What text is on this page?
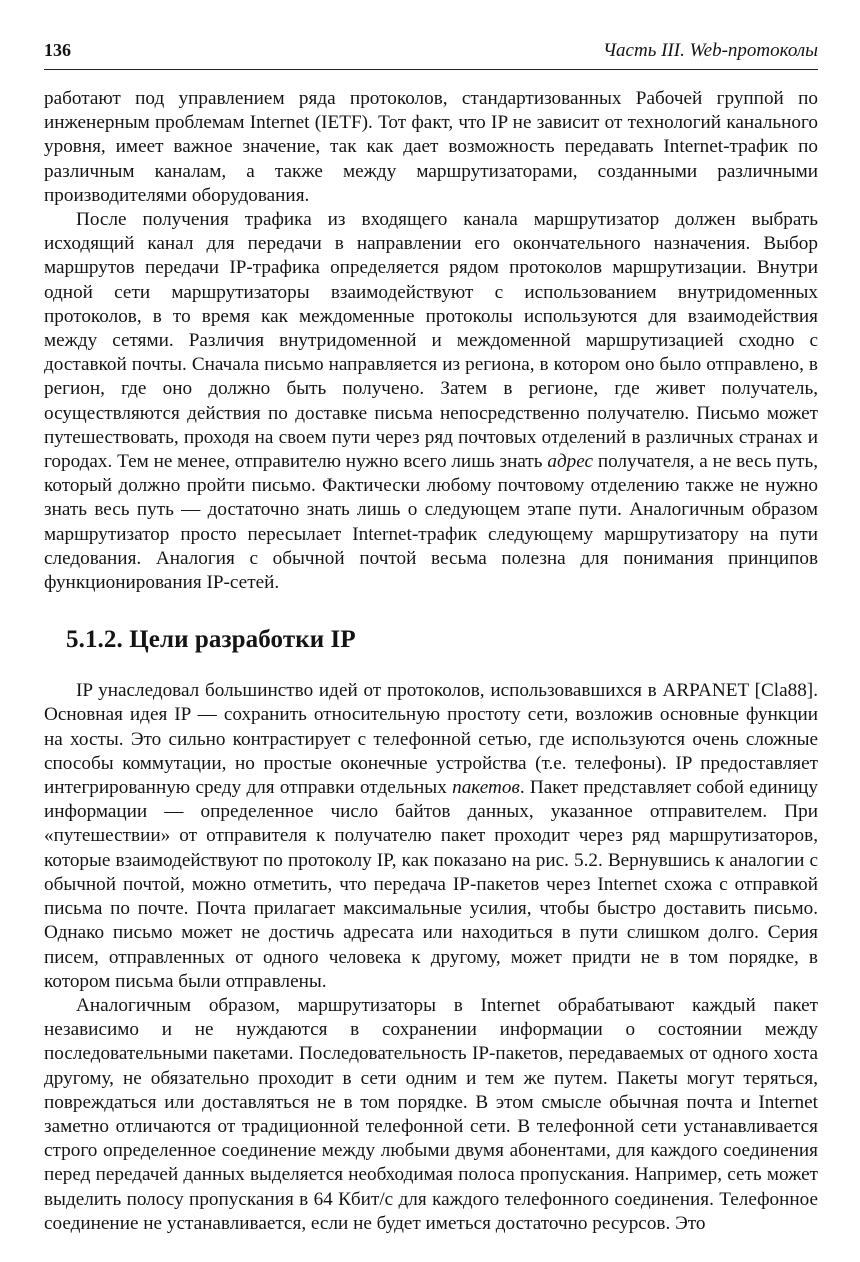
136	Часть III. Web-протоколы

работают под управлением ряда протоколов, стандартизованных Рабочей группой по инженерным проблемам Internet (IETF). Тот факт, что IP не зависит от технологий канального уровня, имеет важное значение, так как дает возможность передавать Internet-трафик по различным каналам, а также между маршрутизаторами, созданными различными производителями оборудования.

После получения трафика из входящего канала маршрутизатор должен выбрать исходящий канал для передачи в направлении его окончательного назначения. Выбор маршрутов передачи IP-трафика определяется рядом протоколов маршрутизации. Внутри одной сети маршрутизаторы взаимодействуют с использованием внутридоменных протоколов, в то время как междоменные протоколы используются для взаимодействия между сетями. Различия внутридоменной и междоменной маршрутизацией сходно с доставкой почты. Сначала письмо направляется из региона, в котором оно было отправлено, в регион, где оно должно быть получено. Затем в регионе, где живет получатель, осуществляются действия по доставке письма непосредственно получателю. Письмо может путешествовать, проходя на своем пути через ряд почтовых отделений в различных странах и городах. Тем не менее, отправителю нужно всего лишь знать адрес получателя, а не весь путь, который должно пройти письмо. Фактически любому почтовому отделению также не нужно знать весь путь — достаточно знать лишь о следующем этапе пути. Аналогичным образом маршрутизатор просто пересылает Internet-трафик следующему маршрутизатору на пути следования. Аналогия с обычной почтой весьма полезна для понимания принципов функционирования IP-сетей.

5.1.2. Цели разработки IP

IP унаследовал большинство идей от протоколов, использовавшихся в ARPANET [Cla88]. Основная идея IP — сохранить относительную простоту сети, возложив основные функции на хосты. Это сильно контрастирует с телефонной сетью, где используются очень сложные способы коммутации, но простые оконечные устройства (т.е. телефоны). IP предоставляет интегрированную среду для отправки отдельных пакетов. Пакет представляет собой единицу информации — определенное число байтов данных, указанное отправителем. При «путешествии» от отправителя к получателю пакет проходит через ряд маршрутизаторов, которые взаимодействуют по протоколу IP, как показано на рис. 5.2. Вернувшись к аналогии с обычной почтой, можно отметить, что передача IP-пакетов через Internet схожа с отправкой письма по почте. Почта прилагает максимальные усилия, чтобы быстро доставить письмо. Однако письмо может не достичь адресата или находиться в пути слишком долго. Серия писем, отправленных от одного человека к другому, может придти не в том порядке, в котором письма были отправлены.

Аналогичным образом, маршрутизаторы в Internet обрабатывают каждый пакет независимо и не нуждаются в сохранении информации о состоянии между последовательными пакетами. Последовательность IP-пакетов, передаваемых от одного хоста другому, не обязательно проходит в сети одним и тем же путем. Пакеты могут теряться, повреждаться или доставляться не в том порядке. В этом смысле обычная почта и Internet заметно отличаются от традиционной телефонной сети. В телефонной сети устанавливается строго определенное соединение между любыми двумя абонентами, для каждого соединения перед передачей данных выделяется необходимая полоса пропускания. Например, сеть может выделить полосу пропускания в 64 Кбит/с для каждого телефонного соединения. Телефонное соединение не устанавливается, если не будет иметься достаточно ресурсов. Это
